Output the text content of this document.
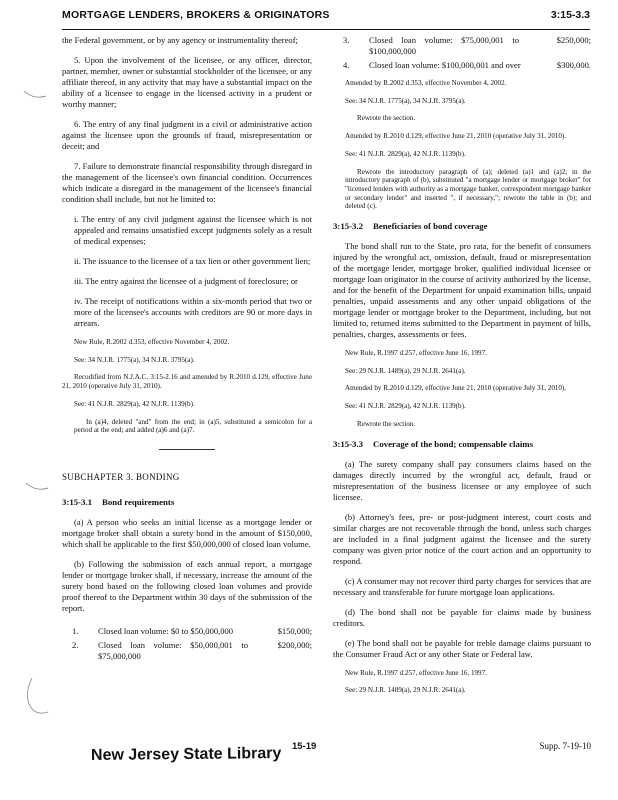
MORTGAGE LENDERS, BROKERS & ORIGINATORS	3:15-3.3

the Federal government, or by any agency or instrumentality thereof;

5. Upon the involvement of the licensee, or any officer, director, partner, member, owner or substantial stockholder of the licensee, or any affiliate thereof, in any activity that may have a substantial impact on the ability of a licensee to engage in the licensed activity in a prudent or worthy manner;

6. The entry of any final judgment in a civil or administrative action against the licensee upon the grounds of fraud, misrepresentation or deceit; and

7. Failure to demonstrate financial responsibility through disregard in the management of the licensee's own financial condition. Occurrences which indicate a disregard in the management of the licensee's financial condition shall include, but not be limited to:

i. The entry of any civil judgment against the licensee which is not appealed and remains unsatisfied except judgments solely as a result of medical expenses;

ii. The issuance to the licensee of a tax lien or other government lien;

iii. The entry against the licensee of a judgment of foreclosure; or

iv. The receipt of notifications within a six-month period that two or more of the licensee's accounts with creditors are 90 or more days in arrears.

New Rule, R.2002 d.353, effective November 4, 2002.

See: 34 N.J.R. 1775(a), 34 N.J.R. 3795(a).

Recodified from N.J.A.C. 3:15-2.16 and amended by R.2010 d.129, effective June 21, 2010 (operative July 31, 2010).

See: 41 N.J.R. 2829(a), 42 N.J.R. 1139(b).

In (a)4, deleted "and" from the end; in (a)5, substituted a semicolon for a period at the end; and added (a)6 and (a)7.

SUBCHAPTER 3. BONDING
3:15-3.1 Bond requirements

(a) A person who seeks an initial license as a mortgage lender or mortgage broker shall obtain a surety bond in the amount of $150,000, which shall be applicable to the first $50,000,000 of closed loan volume.

(b) Following the submission of each annual report, a mortgage lender or mortgage broker shall, if necessary, increase the amount of the surety bond based on the following closed loan volumes and provide proof thereof to the Department within 30 days of the submission of the report.

1. Closed loan volume: $0 to $50,000,000	$150,000;
2. Closed loan volume: $50,000,001 to $75,000,000
$200,000;
3. Closed loan volume: $75,000,001 to $100,000,000
$250,000;
4. Closed loan volume: $100,000,001 and over	$300,000.

Amended by R.2002 d.353, effective November 4, 2002.

See: 34 N.J.R. 1775(a), 34 N.J.R. 3795(a).

Rewrote the section.

Amended by R.2010 d.129, effective June 21, 2010 (operative July 31, 2010).

See: 41 N.J.R. 2829(a), 42 N.J.R. 1139(b).

Rewrote the introductory paragraph of (a); deleted (a)1 and (a)2; in the introductory paragraph of (b), substituted "a mortgage lender or mortgage broker" for "licensed lenders with authority as a mortgage banker, correspondent mortgage banker or secondary lender" and inserted ", if necessary,"; rewrote the table in (b); and deleted (c).

3:15-3.2 Beneficiaries of bond coverage

The bond shall run to the State, pro rata, for the benefit of consumers injured by the wrongful act, omission, default, fraud or misrepresentation of the mortgage lender, mortgage broker, qualified individual licensee or mortgage loan originator in the course of activity authorized by the license, and for the benefit of the Department for unpaid examination bills, unpaid penalties, unpaid assessments and any other unpaid obligations of the mortgage lender or mortgage broker to the Department, including, but not limited to, returned items submitted to the Department in payment of bills, penalties, charges, assessments or fees.

New Rule, R.1997 d.257, effective June 16, 1997.

See: 29 N.J.R. 1489(a), 29 N.J.R. 2641(a).

Amended by R.2010 d.129, effective June 21, 2010 (operative July 31, 2010).

See: 41 N.J.R. 2829(a), 42 N.J.R. 1139(b).

Rewrote the section.

3:15-3.3 Coverage of the bond; compensable claims

(a) The surety company shall pay consumers claims based on the damages directly incurred by the wrongful act, default, fraud or misrepresentation of the business licensee or any employee of such licensee.

(b) Attorney's fees, pre- or post-judgment interest, court costs and similar charges are not recoverable through the bond, unless such charges are included in a final judgment against the licensee and the surety company was given prior notice of the court action and an opportunity to respond.

(c) A consumer may not recover third party charges for services that are necessary and transferable for future mortgage loan applications.

(d) The bond shall not be payable for claims made by business creditors.

(e) The bond shall not be payable for treble damage claims pursuant to the Consumer Fraud Act or any other State or Federal law.

New Rule, R.1997 d.257, effective June 16, 1997.

See: 29 N.J.R. 1489(a), 29 N.J.R. 2641(a).

New Jersey State Library 15-19	Supp. 7-19-10
